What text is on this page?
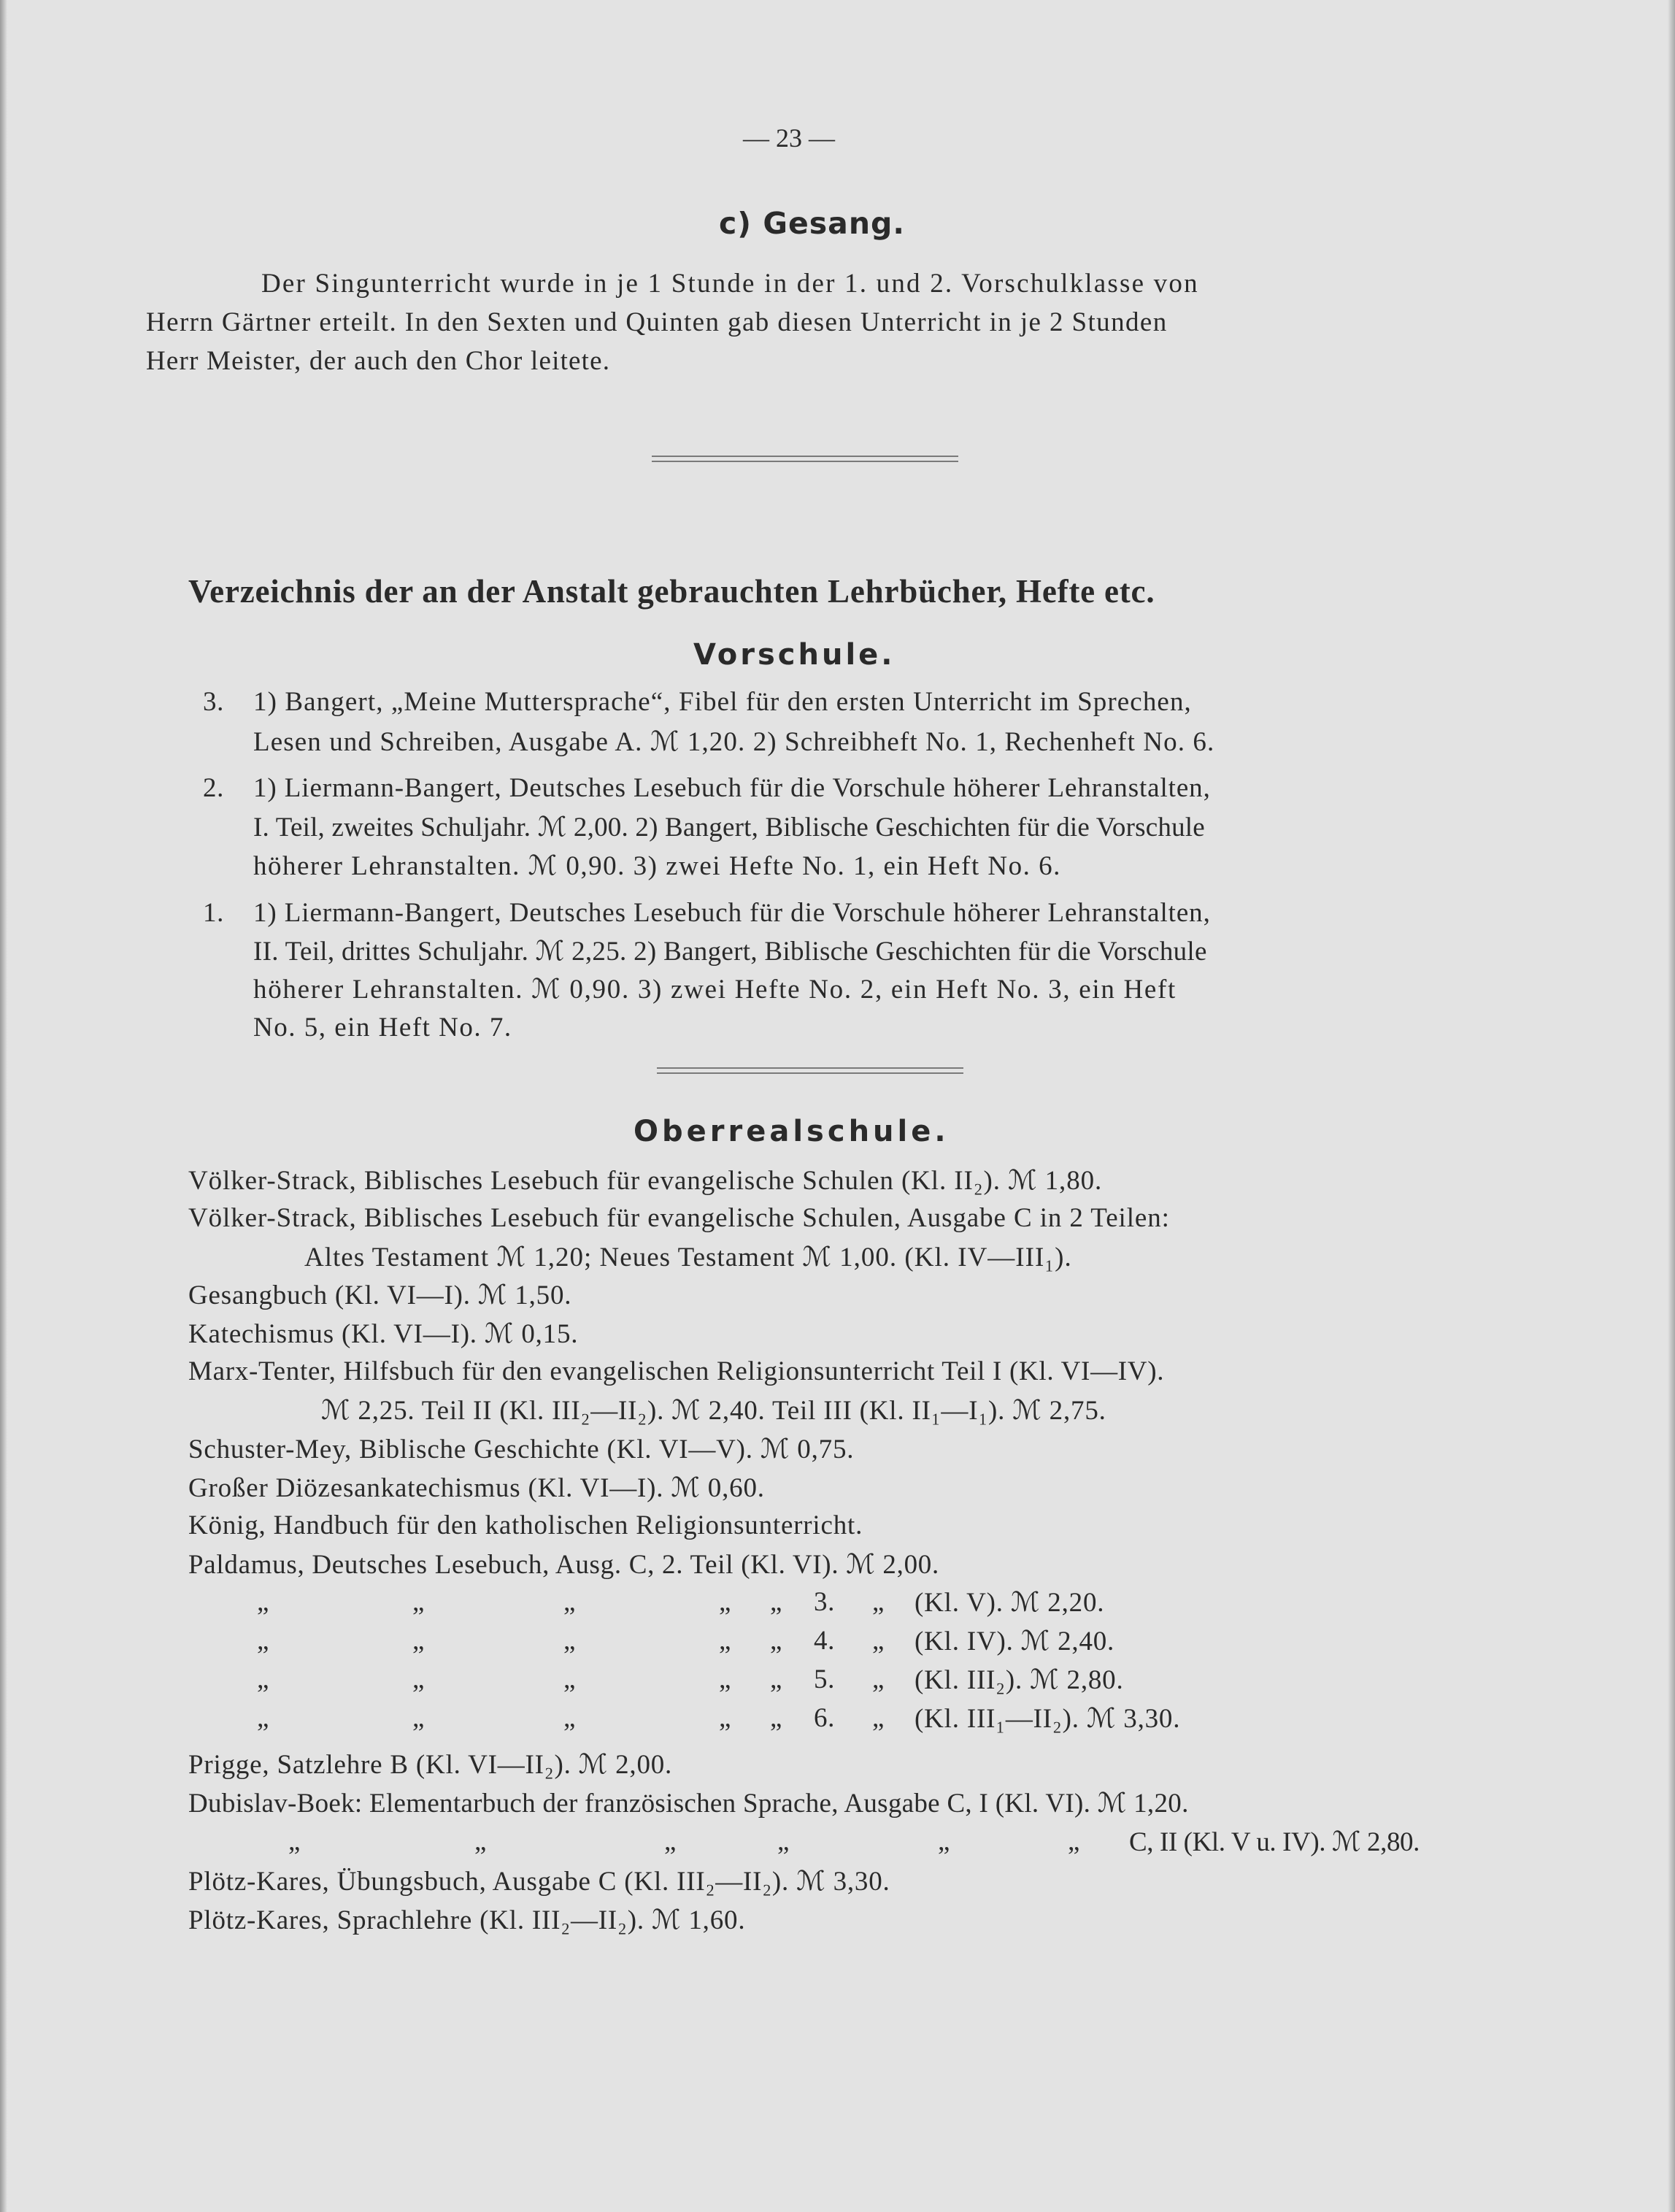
— 23 —
c) Gesang.
Der Singunterricht wurde in je 1 Stunde in der 1. und 2. Vorschulklasse von
Herrn Gärtner erteilt. In den Sexten und Quinten gab diesen Unterricht in je 2 Stunden
Herr Meister, der auch den Chor leitete.
Verzeichnis der an der Anstalt gebrauchten Lehrbücher, Hefte etc.
Vorschule.
3. 1) Bangert, „Meine Muttersprache“, Fibel für den ersten Unterricht im Sprechen,
Lesen und Schreiben, Ausgabe A. ℳ 1,20. 2) Schreibheft No. 1, Rechenheft No. 6.
2. 1) Liermann-Bangert, Deutsches Lesebuch für die Vorschule höherer Lehranstalten,
I. Teil, zweites Schuljahr. ℳ 2,00. 2) Bangert, Biblische Geschichten für die Vorschule
höherer Lehranstalten. ℳ 0,90. 3) zwei Hefte No. 1, ein Heft No. 6.
1. 1) Liermann-Bangert, Deutsches Lesebuch für die Vorschule höherer Lehranstalten,
II. Teil, drittes Schuljahr. ℳ 2,25. 2) Bangert, Biblische Geschichten für die Vorschule
höherer Lehranstalten. ℳ 0,90. 3) zwei Hefte No. 2, ein Heft No. 3, ein Heft
No. 5, ein Heft No. 7.
Oberrealschule.
Völker-Strack, Biblisches Lesebuch für evangelische Schulen (Kl. II₂). ℳ 1,80.
Völker-Strack, Biblisches Lesebuch für evangelische Schulen, Ausgabe C in 2 Teilen:
Altes Testament ℳ 1,20; Neues Testament ℳ 1,00. (Kl. IV—III₁).
Gesangbuch (Kl. VI—I). ℳ 1,50.
Katechismus (Kl. VI—I). ℳ 0,15.
Marx-Tenter, Hilfsbuch für den evangelischen Religionsunterricht Teil I (Kl. VI—IV).
ℳ 2,25. Teil II (Kl. III₂—II₂). ℳ 2,40. Teil III (Kl. II₁—I₁). ℳ 2,75.
Schuster-Mey, Biblische Geschichte (Kl. VI—V). ℳ 0,75.
Großer Diözesankatechismus (Kl. VI—I). ℳ 0,60.
König, Handbuch für den katholischen Religionsunterricht.
Paldamus, Deutsches Lesebuch, Ausg. C, 2. Teil (Kl. VI). ℳ 2,00.
„	„	„	„ „ 3. „ (Kl. V). ℳ 2,20.
„	„	„	„ „ 4. „ (Kl. IV). ℳ 2,40.
„	„	„	„ „ 5. „ (Kl. III₂). ℳ 2,80.
„	„	„	„ „ 6. „ (Kl. III₁—II₂). ℳ 3,30.
Prigge, Satzlehre B (Kl. VI—II₂). ℳ 2,00.
Dubislav-Boek: Elementarbuch der französischen Sprache, Ausgabe C, I (Kl. VI). ℳ 1,20.
„	„	„	„	„	„ C, II (Kl. V u. IV). ℳ 2,80.
Plötz-Kares, Übungsbuch, Ausgabe C (Kl. III₂—II₂). ℳ 3,30.
Plötz-Kares, Sprachlehre (Kl. III₂—II₂). ℳ 1,60.
